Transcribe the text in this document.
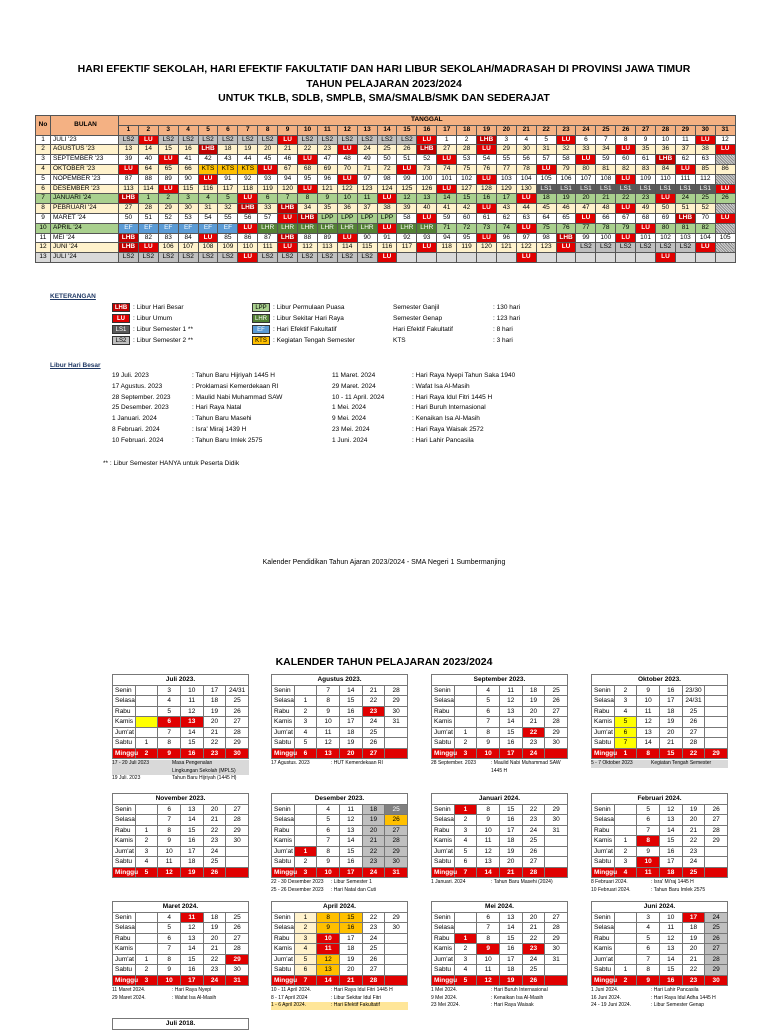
HARI EFEKTIF SEKOLAH, HARI EFEKTIF FAKULTATIF DAN HARI LIBUR SEKOLAH/MADRASAH DI PROVINSI JAWA TIMUR
TAHUN PELAJARAN 2023/2024
UNTUK TKLB, SDLB, SMPLB, SMA/SMALB/SMK DAN SEDERAJAT
No	BULAN	TANGGAL																														
		1	2	3	4	5	6	7	8	9	10	11	12	13	14	15	16	17	18	19	20	21	22	23	24	25	26	27	28	29	30	31
1	JULI '23	LS2	LU	LS2	LS2	LS2	LS2	LS2	LS2	LU	LS2	LS2	LS2	LS2	LS2	LS2	LU	1	2	LHB	3	4	5	LU	6	7	8	9	10	11	LU	12
2	AGUSTUS '23	13	14	15	16	LHB	18	19	20	21	22	23	LU	24	25	26	LHB	27	28	LU	29	30	31	32	33	34	LU	35	36	37	38	LU
3	SEPTEMBER '23	39	40	LU	41	42	43	44	45	46	LU	47	48	49	50	51	52	LU	53	54	55	56	57	58	LU	59	60	61	LHB	62	63	
4	OKTOBER '23	LU	64	65	66	KTS	KTS	KTS	LU	67	68	69	70	71	72	LU	73	74	75	76	77	78	LU	79	80	81	82	83	84	LU	85	86
5	NOPEMBER '23	87	88	89	90	LU	91	92	93	94	95	96	LU	97	98	99	100	101	102	LU	103	104	105	106	107	108	LU	109	110	111	112	
6	DESEMBER '23	113	114	LU	115	116	117	118	119	120	LU	121	122	123	124	125	126	LU	127	128	129	130	LS1	LS1	LS1	LS1	LS1	LS1	LS1	LS1	LS1	LU
7	JANUARI '24	LHB	1	2	3	4	5	LU	6	7	8	9	10	11	LU	12	13	14	15	16	17	LU	18	19	20	21	22	23	LU	24	25	26
8	PEBRUARI '24	27	28	29	30	31	32	LHB	33	LHB	34	35	36	37	38	39	40	41	42	LU	43	44	45	46	47	48	LU	49	50	51	52	
9	MARET '24	50	51	52	53	54	55	56	57	LU	LHB	LPP	LPP	LPP	LPP	58	LU	59	60	61	62	63	64	65	LU	66	67	68	69	LHB	70	LU
10	APRIL '24	EF	EF	EF	EF	EF	EF	LU	LHR	LHR	LHR	LHR	LHR	LHR	LU	LHR	LHR	71	72	73	74	LU	75	76	77	78	79	LU	80	81	82	
11	MEI '24	LHB	82	83	84	LU	85	86	87	LHB	88	89	LU	90	91	92	93	94	95	LU	96	97	98	LHB	99	100	LU	101	102	103	104	105
12	JUNI '24	LHB	LU	106	107	108	109	110	111	LU	112	113	114	115	116	117	LU	118	119	120	121	122	123	LU	LS2	LS2	LS2	LS2	LS2	LS2	LU	
13	JULI '24	LS2	LS2	LS2	LS2	LS2	LS2	LU	LS2	LS2	LS2	LS2	LS2	LS2	LU							LU							LU			
KETERANGAN
LHB : Libur Hari Besar
LU	: Libur Umum
LS1	: Libur Semester 1 **
LS2	: Libur Semester 2 **
LPP : Libur Permulaan Puasa
LHR : Libur Sekitar Hari Raya
EF	: Hari Efektif Fakultatif
KTS : Kegiatan Tengah Semester
Semester Ganjil	: 130 hari
Semester Genap	: 123 hari
Hari Efektif Fakultatif	: 8 hari
KTS	: 3 hari
Libur Hari Besar
19 Juli. 2023	: Tahun Baru Hijriyah 1445 H
17 Agustus. 2023	: Proklamasi Kemerdekaan RI
28 September. 2023	: Maulid Nabi Muhammad SAW
25 Desember. 2023	: Hari Raya Natal
1 Januari. 2024	: Tahun Baru Masehi
8 Februari. 2024	: Isra' Miraj 1439 H
10 Februari. 2024	: Tahun Baru Imlek 2575
11 Maret. 2024	: Hari Raya Nyepi Tahun Saka 1940
29 Maret. 2024	: Wafat Isa Al-Masih
10 - 11 April. 2024	: Hari Raya Idul Fitri 1445 H
1 Mei. 2024	: Hari Buruh Internasional
9 Mei. 2024	: Kenaikan Isa Al-Masih
23 Mei. 2024	: Hari Raya Waisak 2572
1 Juni. 2024	: Hari Lahir Pancasila
** : Libur Semester HANYA untuk Peserta Didik
Kalender Pendidikan Tahun Ajaran 2023/2024 - SMA Negeri 1 Sumbermanjing
KALENDER TAHUN PELAJARAN 2023/2024
Juli 2023.					
Senin		3	10	17	24/31
Selasa		4	11	18	25
Rabu		5	12	19	26
Kamis		6	13	20	27
Jum'at		7	14	21	28
Sabtu	1	8	15	22	29
Minggu	2	9	16	23	30
17 - 20 Juli 2023	Masa Pengenalan
Lingkungan Sekolah (MPLS)
19 Juli. 2023	Tahun Baru Hijriyah (1445 H)
Agustus 2023.					
Senin		7	14	21	28
Selasa	1	8	15	22	29
Rabu	2	9	16	23	30
Kamis	3	10	17	24	31
Jum'at	4	11	18	25	
Sabtu	5	12	19	26	
Minggu	6	13	20	27	
17 Agustus. 2023	: HUT Kemerdekaan RI
September 2023.					
Senin		4	11	18	25
Selasa		5	12	19	26
Rabu		6	13	20	27
Kamis		7	14	21	28
Jum'at	1	8	15	22	29
Sabtu	2	9	16	23	30
Minggu	3	10	17	24	
28 September. 2023	: Maulid Nabi Muhammad SAW 1445 H
Oktober 2023.					
Senin	2	9	16	23/30	
Selasa	3	10	17	24/31	
Rabu	4	11	18	25	
Kamis	5	12	19	26	
Jum'at	6	13	20	27	
Sabtu	7	14	21	28	
Minggu	1	8	15	22	29
5 - 7 Oktober 2023	Kegiatan Tengah Semester
November 2023.					
Senin		6	13	20	27
Selasa		7	14	21	28
Rabu	1	8	15	22	29
Kamis	2	9	16	23	30
Jum'at	3	10	17	24	
Sabtu	4	11	18	25	
Minggu	5	12	19	26	
Desember 2023.					
Senin		4	11	18	25
Selasa		5	12	19	26
Rabu		6	13	20	27
Kamis		7	14	21	28
Jum'at	1	8	15	22	29
Sabtu	2	9	16	23	30
Minggu	3	10	17	24	31
22 - 30 Desember 2023	: Libur Semester 1
25 - 26 Desember 2023	: Hari Natal dan Cuti
Januari 2024.					
Senin	1	8	15	22	29
Selasa	2	9	16	23	30
Rabu	3	10	17	24	31
Kamis	4	11	18	25	
Jum'at	5	12	19	26	
Sabtu	6	13	20	27	
Minggu	7	14	21	28	
1 Januari. 2024	: Tahun Baru Masehi (2024)
Februari 2024.					
Senin		5	12	19	26
Selasa		6	13	20	27
Rabu		7	14	21	28
Kamis	1	8	15	22	29
Jum'at	2	9	16	23	
Sabtu	3	10	17	24	
Minggu	4	11	18	25	
8 Februari 2024.	: Isra' Mi'raj 1445 H
10 Februari 2024.	: Tahun Baru Imlek 2575
Maret 2024.					
Senin		4	11	18	25
Selasa		5	12	19	26
Rabu		6	13	20	27
Kamis		7	14	21	28
Jum'at	1	8	15	22	29
Sabtu	2	9	16	23	30
Minggu	3	10	17	24	31
11 Maret 2024.	: Hari Raya Nyepi
29 Maret 2024.	: Wafat Isa Al-Masih
April 2024.					
Senin	1	8	15	22	29
Selasa	2	9	16	23	30
Rabu	3	10	17	24	
Kamis	4	11	18	25	
Jum'at	5	12	19	26	
Sabtu	6	13	20	27	
Minggu	7	14	21	28	
10 - 11 April 2024.	: Hari Raya Idul Fitri 1445 H
8 - 17 April 2024	: Libur Sekitar Idul Fitri
1 - 6 April 2024.	: Hari Efektif Fakultatif
Mei 2024.					
Senin		6	13	20	27
Selasa		7	14	21	28
Rabu	1	8	15	22	29
Kamis	2	9	16	23	30
Jum'at	3	10	17	24	31
Sabtu	4	11	18	25	
Minggu	5	12	19	26	
1 Mei 2024.	: Hari Buruh Internasional
9 Mei 2024.	: Kenaikan Isa Al-Masih
23 Mei 2024.	: Hari Raya Waisak
Juni 2024.					
Senin		3	10	17	24
Selasa		4	11	18	25
Rabu		5	12	19	26
Kamis		6	13	20	27
Jum'at		7	14	21	28
Sabtu	1	8	15	22	29
Minggu	2	9	16	23	30
1 Juni 2024.	: Hari Lahir Pancasila
16 Juni 2024.	: Hari Raya Idul Adha 1445 H
24 - 19 Juni 2024.	: Libur Semester Genap
Juli 2018.
